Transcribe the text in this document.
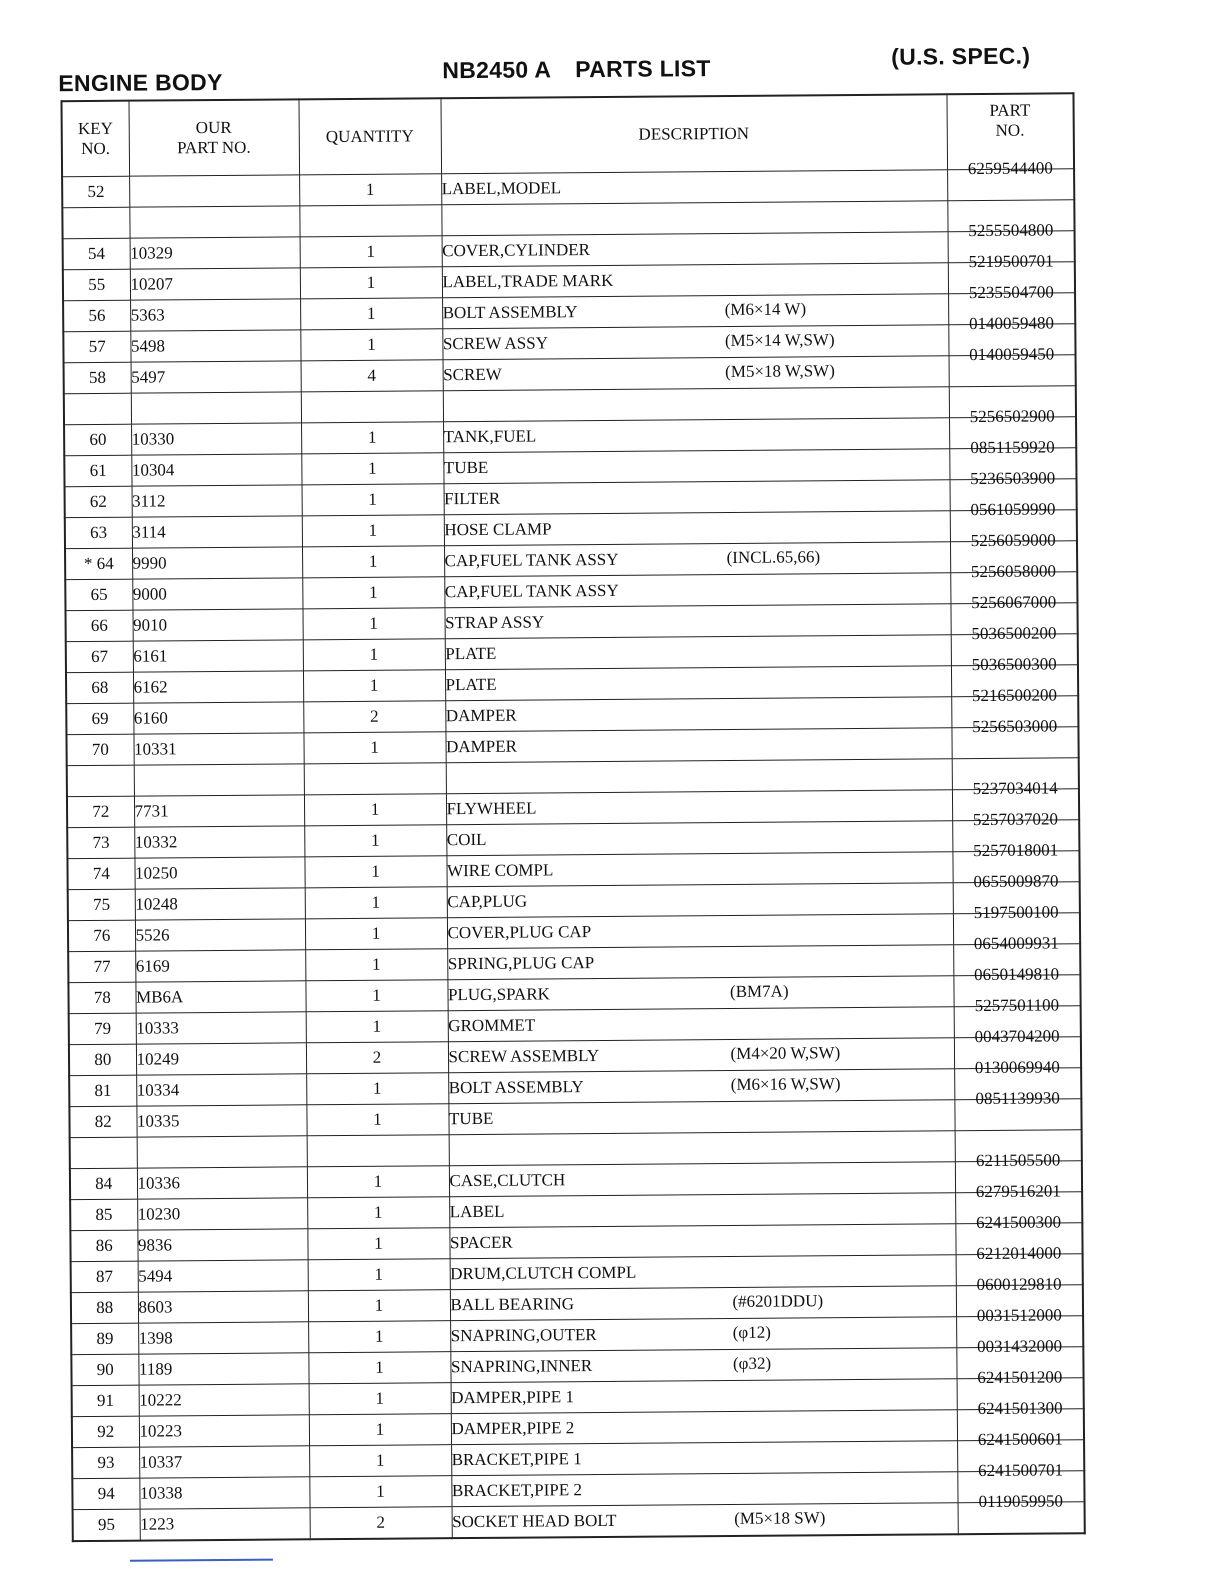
ENGINE BODY	NB2450 A PARTS LIST	(U.S. SPEC.)
KEY
NO.	OUR
PART NO.	QUANTITY	DESCRIPTION	PART
NO.
52		1	LABEL,MODEL	6259544400

54	10329	1	COVER,CYLINDER	5255504800
55	10207	1	LABEL,TRADE MARK	5219500701
56	5363	1	BOLT ASSEMBLY (M6×14 W)	5235504700
57	5498	1	SCREW ASSY (M5×14 W,SW)	0140059480
58	5497	4	SCREW (M5×18 W,SW)	0140059450

60	10330	1	TANK,FUEL	5256502900
61	10304	1	TUBE	0851159920
62	3112	1	FILTER	5236503900
63	3114	1	HOSE CLAMP	0561059990
* 64	9990	1	CAP,FUEL TANK ASSY (INCL.65,66)	5256059000
65	9000	1	CAP,FUEL TANK ASSY	5256058000
66	9010	1	STRAP ASSY	5256067000
67	6161	1	PLATE	5036500200
68	6162	1	PLATE	5036500300
69	6160	2	DAMPER	5216500200
70	10331	1	DAMPER	5256503000

72	7731	1	FLYWHEEL	5237034014
73	10332	1	COIL	5257037020
74	10250	1	WIRE COMPL	5257018001
75	10248	1	CAP,PLUG	0655009870
76	5526	1	COVER,PLUG CAP	5197500100
77	6169	1	SPRING,PLUG CAP	0654009931
78	MB6A	1	PLUG,SPARK (BM7A)	0650149810
79	10333	1	GROMMET	5257501100
80	10249	2	SCREW ASSEMBLY (M4×20 W,SW)	0043704200
81	10334	1	BOLT ASSEMBLY (M6×16 W,SW)	0130069940
82	10335	1	TUBE	0851139930

84	10336	1	CASE,CLUTCH	6211505500
85	10230	1	LABEL	6279516201
86	9836	1	SPACER	6241500300
87	5494	1	DRUM,CLUTCH COMPL	6212014000
88	8603	1	BALL BEARING (#6201DDU)	0600129810
89	1398	1	SNAPRING,OUTER (φ12)	0031512000
90	1189	1	SNAPRING,INNER (φ32)	0031432000
91	10222	1	DAMPER,PIPE 1	6241501200
92	10223	1	DAMPER,PIPE 2	6241501300
93	10337	1	BRACKET,PIPE 1	6241500601
94	10338	1	BRACKET,PIPE 2	6241500701
95	1223	2	SOCKET HEAD BOLT (M5×18 SW)	0119059950
